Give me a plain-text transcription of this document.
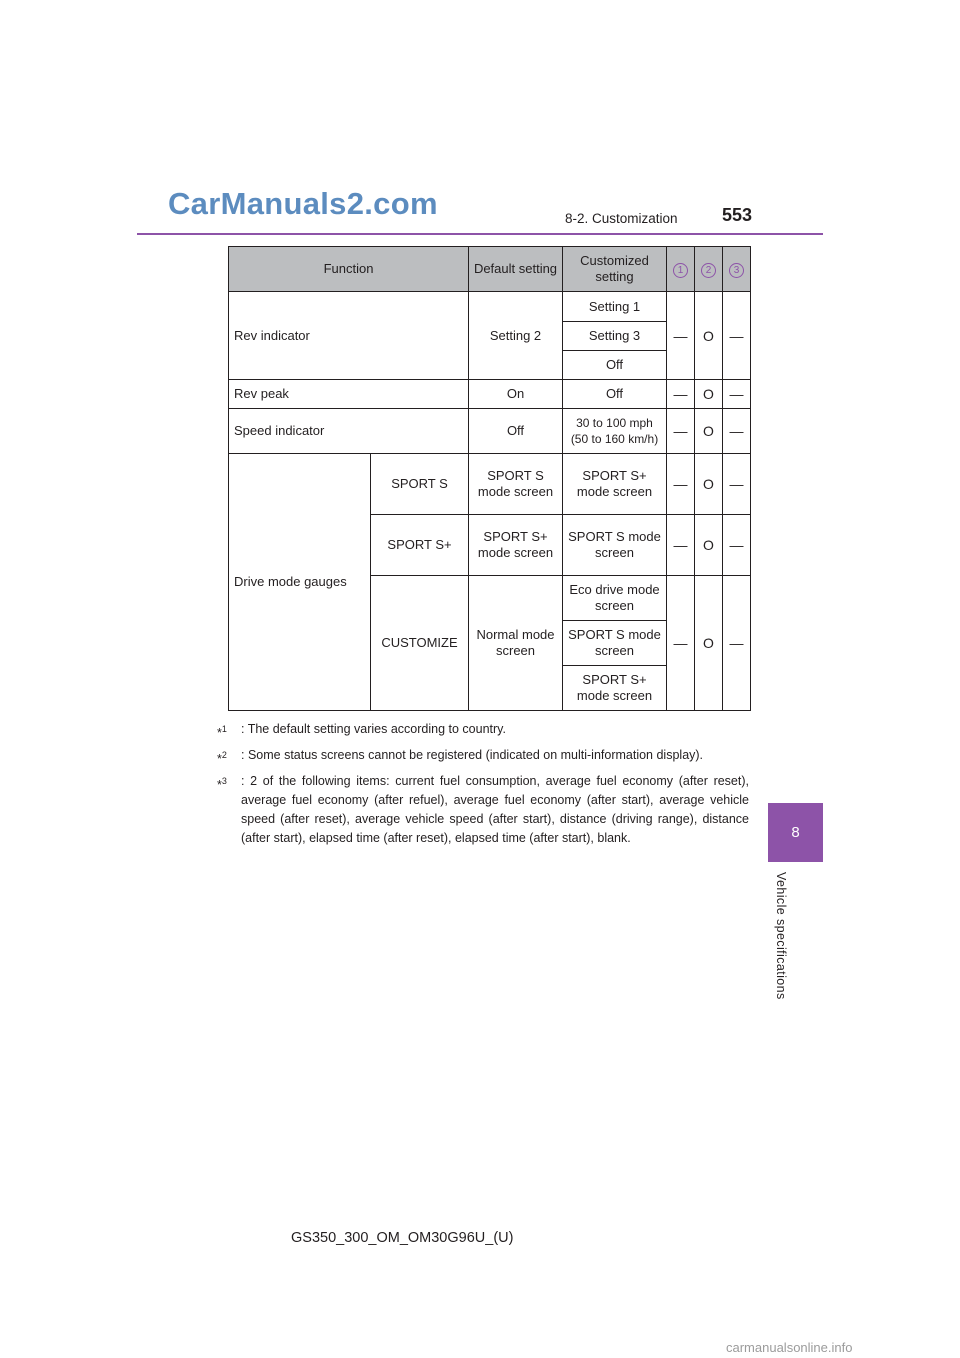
CarManuals2.com	8-2. Customization 553
8
Vehicle specifications
Function		Default setting	Customized setting	1	2	3
Rev indicator		Setting 2	Setting 1	—	O	—
			Setting 3			
			Off			
Rev peak		On	Off	—	O	—
Speed indicator		Off	30 to 100 mph
(50 to 160 km/h)	—	O	—
Drive mode gauges	SPORT S	SPORT S mode screen	SPORT S+ mode screen	—	O	—
	SPORT S+	SPORT S+ mode screen	SPORT S mode screen	—	O	—
	CUSTOMIZE	Normal mode screen	Eco drive mode screen	—	O	—
			SPORT S mode screen			
			SPORT S+ mode screen			
*$^1$	: The default setting varies according to country.
*$^2$	: Some status screens cannot be registered (indicated on multi-information display).
*$^3$	: 2 of the following items: current fuel consumption, average fuel economy (after reset), average fuel economy (after refuel), average fuel economy (after start), average vehicle speed (after reset), average vehicle speed (after start), distance (driving range), distance (after start), elapsed time (after reset), elapsed time (after start), blank.
GS350_300_OM_OM30G96U_(U)
carmanualsonline.info
